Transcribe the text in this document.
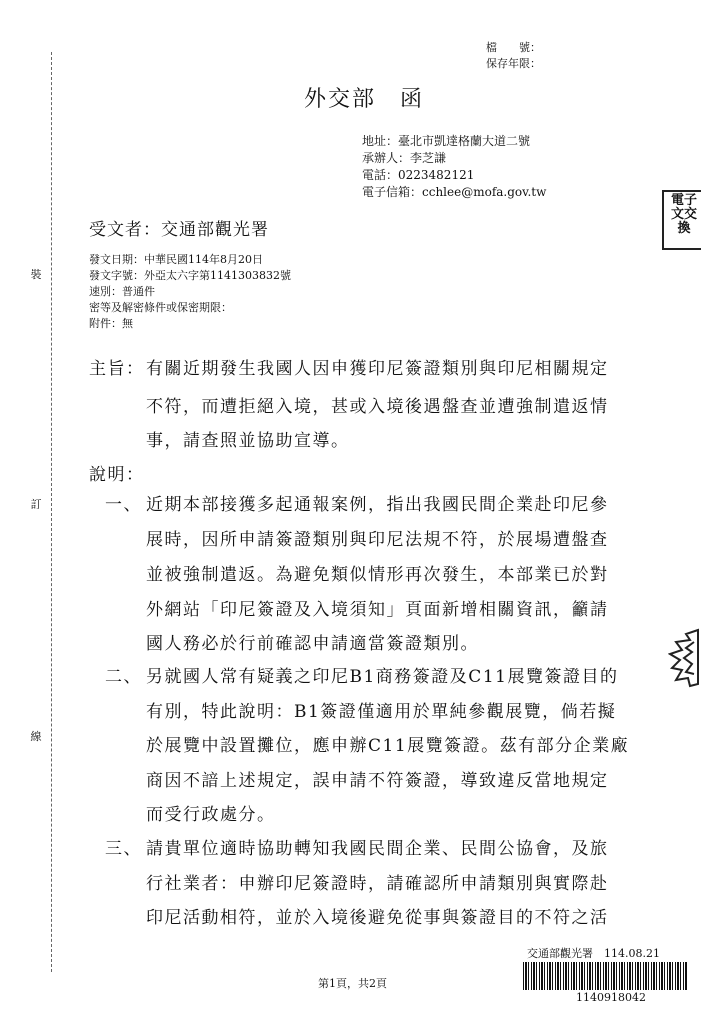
裝
訂
線
檔　　號：
保存年限：
外交部　函
地址：臺北市凱達格蘭大道二號
承辦人：李芝謙
電話：0223482121
電子信箱：cchlee@mofa.gov.tw
電子
文交
換
受文者：交通部觀光署
發文日期：中華民國114年8月20日
發文字號：外亞太六字第1141303832號
速別：普通件
密等及解密條件或保密期限：
附件：無
主旨： 有關近期發生我國人因申獲印尼簽證類別與印尼相關規定
不符，而遭拒絕入境，甚或入境後遇盤查並遭強制遣返情
事，請查照並協助宣導。
說明：
一、 近期本部接獲多起通報案例，指出我國民間企業赴印尼參
展時，因所申請簽證類別與印尼法規不符，於展場遭盤查
並被強制遣返。為避免類似情形再次發生，本部業已於對
外網站「印尼簽證及入境須知」頁面新增相關資訊，籲請
國人務必於行前確認申請適當簽證類別。
二、 另就國人常有疑義之印尼B1商務簽證及C11展覽簽證目的
有別，特此說明：B1簽證僅適用於單純參觀展覽，倘若擬
於展覽中設置攤位，應申辦C11展覽簽證。茲有部分企業廠
商因不諳上述規定，誤申請不符簽證，導致違反當地規定
而受行政處分。
三、 請貴單位適時協助轉知我國民間企業、民間公協會，及旅
行社業者：申辦印尼簽證時，請確認所申請類別與實際赴
印尼活動相符，並於入境後避免從事與簽證目的不符之活
交通部觀光署　114.08.21
第1頁，共2頁
1140918042
